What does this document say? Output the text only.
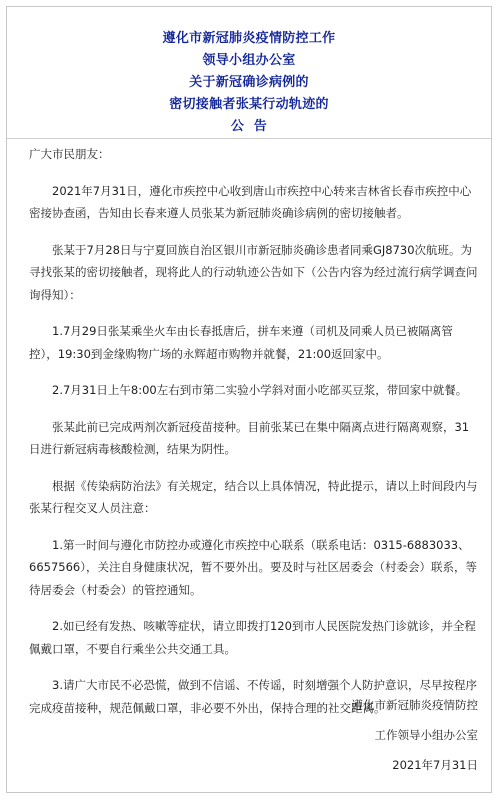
遵化市新冠肺炎疫情防控工作
领导小组办公室
关于新冠确诊病例的
密切接触者张某行动轨迹的
公  告

广大市民朋友：

2021年7月31日，遵化市疾控中心收到唐山市疾控中心转来吉林省长春市疾控中心密接协查函，告知由长春来遵人员张某为新冠肺炎确诊病例的密切接触者。

张某于7月28日与宁夏回族自治区银川市新冠肺炎确诊患者同乘GJ8730次航班。为寻找张某的密切接触者，现将此人的行动轨迹公告如下（公告内容为经过流行病学调查问询得知）：

1.7月29日张某乘坐火车由长春抵唐后，拼车来遵（司机及同乘人员已被隔离管控），19:30到金缘购物广场的永辉超市购物并就餐，21:00返回家中。

2.7月31日上午8:00左右到市第二实验小学斜对面小吃部买豆浆，带回家中就餐。

张某此前已完成两剂次新冠疫苗接种。目前张某已在集中隔离点进行隔离观察，31日进行新冠病毒核酸检测，结果为阴性。

根据《传染病防治法》有关规定，结合以上具体情况，特此提示，请以上时间段内与张某行程交叉人员注意：

1.第一时间与遵化市防控办或遵化市疾控中心联系（联系电话：0315-6883033、6657566），关注自身健康状况，暂不要外出。要及时与社区居委会（村委会）联系，等待居委会（村委会）的管控通知。

2.如已经有发热、咳嗽等症状，请立即拨打120到市人民医院发热门诊就诊，并全程佩戴口罩，不要自行乘坐公共交通工具。

3.请广大市民不必恐慌，做到不信谣、不传谣，时刻增强个人防护意识，尽早按程序完成疫苗接种，规范佩戴口罩，非必要不外出，保持合理的社交距离。

遵化市新冠肺炎疫情防控
工作领导小组办公室
2021年7月31日
